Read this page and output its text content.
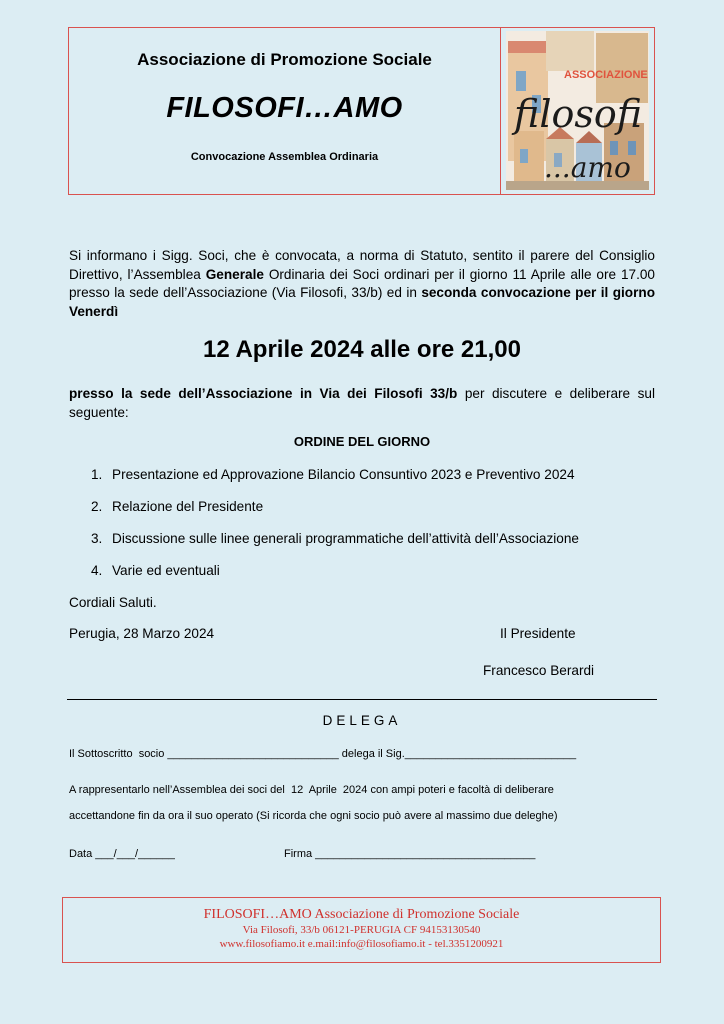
Associazione di Promozione Sociale
FILOSOFI…AMO
Convocazione Assemblea Ordinaria
ASSOCIAZIONE
filosofi
...amo
Si informano i Sigg. Soci, che è convocata, a norma di Statuto, sentito il parere del Consiglio Direttivo, l’Assemblea Generale Ordinaria dei Soci ordinari per il giorno 11 Aprile alle ore 17.00 presso la sede dell’Associazione (Via Filosofi, 33/b) ed in seconda convocazione per il giorno Venerdì
12 Aprile 2024 alle ore 21,00
presso la sede dell’Associazione in Via dei Filosofi 33/b per discutere e deliberare sul seguente:
ORDINE DEL GIORNO
1. Presentazione ed Approvazione Bilancio Consuntivo 2023 e Preventivo 2024
2. Relazione del Presidente
3. Discussione sulle linee generali programmatiche dell’attività dell’Associazione
4. Varie ed eventuali
Cordiali Saluti.
Perugia, 28 Marzo 2024	Il Presidente
Francesco Berardi
DELEGA
Il Sottoscritto  socio ____________________________ delega il Sig.____________________________
A rappresentarlo nell’Assemblea dei soci del  12  Aprile  2024 con ampi poteri e facoltà di deliberare
accettandone fin da ora il suo operato (Si ricorda che ogni socio può avere al massimo due deleghe)
Data ___/___/______	Firma ____________________________________
FILOSOFI…AMO Associazione di Promozione Sociale
Via Filosofi, 33/b 06121-PERUGIA CF 94153130540
www.filosofiamo.it e.mail:info@filosofiamo.it - tel.3351200921
